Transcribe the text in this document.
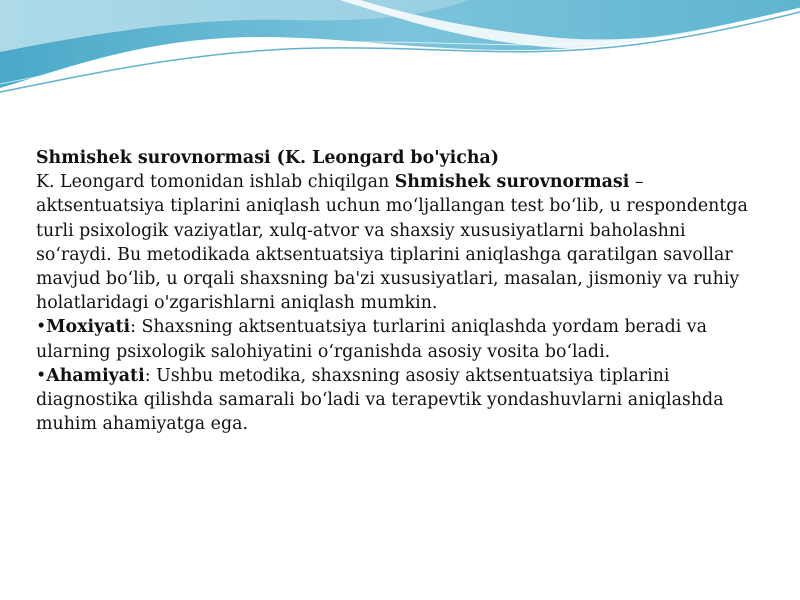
Shmishek surovnormasi (K. Leongard bo'yicha)

K. Leongard tomonidan ishlab chiqilgan Shmishek surovnormasi – aktsentuatsiya tiplarini aniqlash uchun mo‘ljallangan test bo‘lib, u respondentga turli psixologik vaziyatlar, xulq-atvor va shaxsiy xususiyatlarni baholashni so‘raydi. Bu metodikada aktsentuatsiya tiplarini aniqlashga qaratilgan savollar mavjud bo‘lib, u orqali shaxsning ba'zi xususiyatlari, masalan, jismoniy va ruhiy holatlaridagi o'zgarishlarni aniqlash mumkin.

•Moxiyati: Shaxsning aktsentuatsiya turlarini aniqlashda yordam beradi va ularning psixologik salohiyatini o‘rganishda asosiy vosita bo‘ladi.

•Ahamiyati: Ushbu metodika, shaxsning asosiy aktsentuatsiya tiplarini diagnostika qilishda samarali bo‘ladi va terapevtik yondashuvlarni aniqlashda muhim ahamiyatga ega.
